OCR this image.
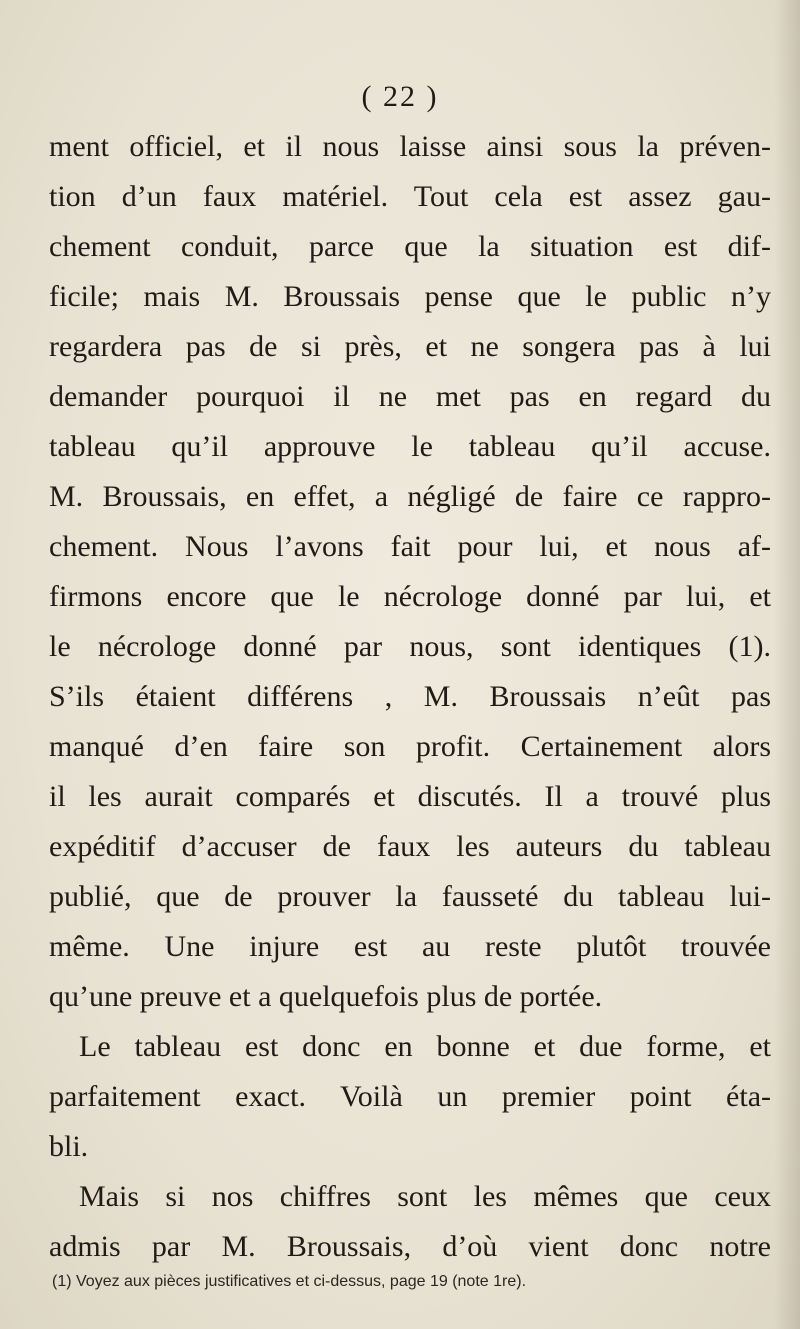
( 22 )
ment officiel, et il nous laisse ainsi sous la préven-
tion d’un faux matériel. Tout cela est assez gau-
chement conduit, parce que la situation est dif-
ficile; mais M. Broussais pense que le public n’y
regardera pas de si près, et ne songera pas à lui
demander pourquoi il ne met pas en regard du
tableau qu’il approuve le tableau qu’il accuse.
M. Broussais, en effet, a négligé de faire ce rappro-
chement. Nous l’avons fait pour lui, et nous af-
firmons encore que le nécrologe donné par lui, et
le nécrologe donné par nous, sont identiques (1).
S’ils étaient différens , M. Broussais n’eût pas
manqué d’en faire son profit. Certainement alors
il les aurait comparés et discutés. Il a trouvé plus
expéditif d’accuser de faux les auteurs du tableau
publié, que de prouver la fausseté du tableau lui-
même. Une injure est au reste plutôt trouvée
qu’une preuve et a quelquefois plus de portée.
Le tableau est donc en bonne et due forme, et
parfaitement exact. Voilà un premier point éta-
bli.
Mais si nos chiffres sont les mêmes que ceux
admis par M. Broussais, d’où vient donc notre
(1) Voyez aux pièces justificatives et ci-dessus, page 19 (note 1re).
